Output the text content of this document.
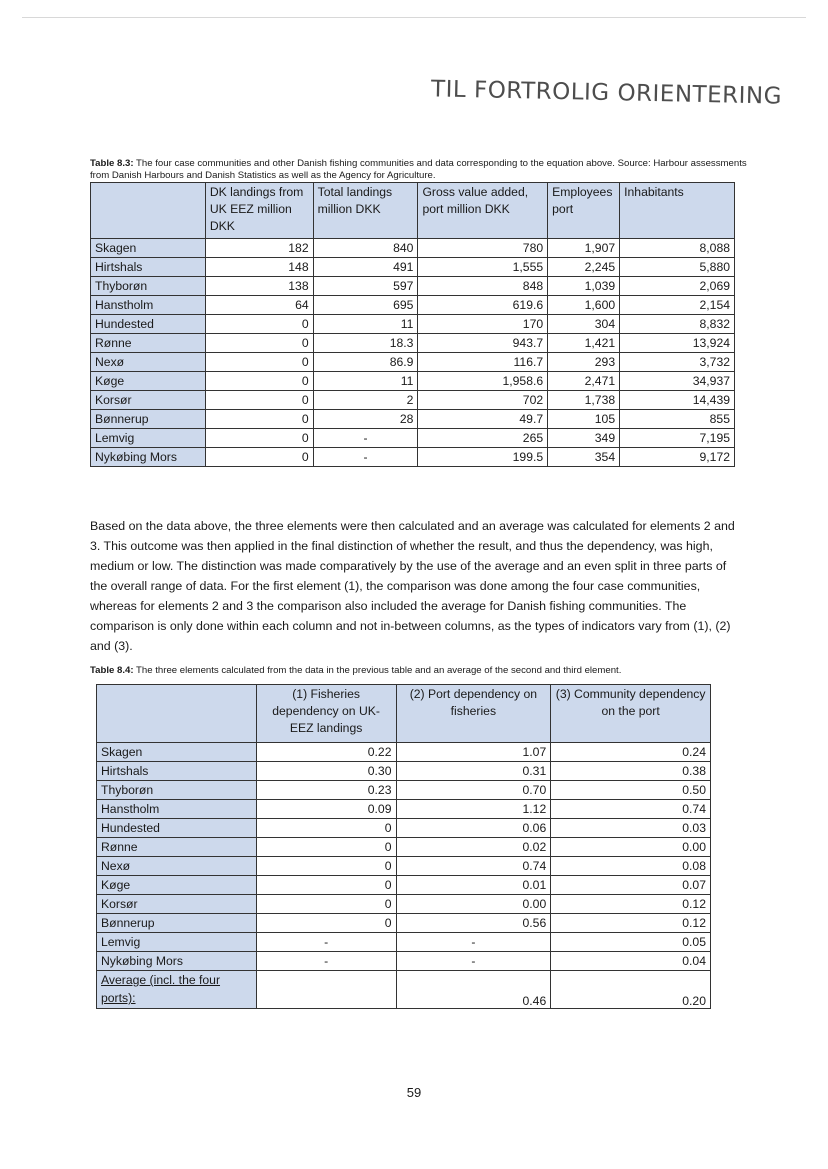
TIL FORTROLIG ORIENTERING
Table 8.3: The four case communities and other Danish fishing communities and data corresponding to the equation above. Source: Harbour assessments from Danish Harbours and Danish Statistics as well as the Agency for Agriculture.
	DK landings from UK EEZ million DKK	Total landings million DKK	Gross value added, port million DKK	Employees port	Inhabitants
Skagen	182	840	780	1,907	8,088
Hirtshals	148	491	1,555	2,245	5,880
Thyborøn	138	597	848	1,039	2,069
Hanstholm	64	695	619.6	1,600	2,154
Hundested	0	11	170	304	8,832
Rønne	0	18.3	943.7	1,421	13,924
Nexø	0	86.9	116.7	293	3,732
Køge	0	11	1,958.6	2,471	34,937
Korsør	0	2	702	1,738	14,439
Bønnerup	0	28	49.7	105	855
Lemvig	0	-	265	349	7,195
Nykøbing Mors	0	-	199.5	354	9,172
Based on the data above, the three elements were then calculated and an average was calculated for elements 2 and 3. This outcome was then applied in the final distinction of whether the result, and thus the dependency, was high, medium or low. The distinction was made comparatively by the use of the average and an even split in three parts of the overall range of data. For the first element (1), the comparison was done among the four case communities, whereas for elements 2 and 3 the comparison also included the average for Danish fishing communities. The comparison is only done within each column and not in-between columns, as the types of indicators vary from (1), (2) and (3).
Table 8.4: The three elements calculated from the data in the previous table and an average of the second and third element.
	(1) Fisheries dependency on UK-EEZ landings	(2) Port dependency on fisheries	(3) Community dependency on the port
Skagen	0.22	1.07	0.24
Hirtshals	0.30	0.31	0.38
Thyborøn	0.23	0.70	0.50
Hanstholm	0.09	1.12	0.74
Hundested	0	0.06	0.03
Rønne	0	0.02	0.00
Nexø	0	0.74	0.08
Køge	0	0.01	0.07
Korsør	0	0.00	0.12
Bønnerup	0	0.56	0.12
Lemvig	-	-	0.05
Nykøbing Mors	-	-	0.04
Average (incl. the four ports):		0.46	0.20
59
